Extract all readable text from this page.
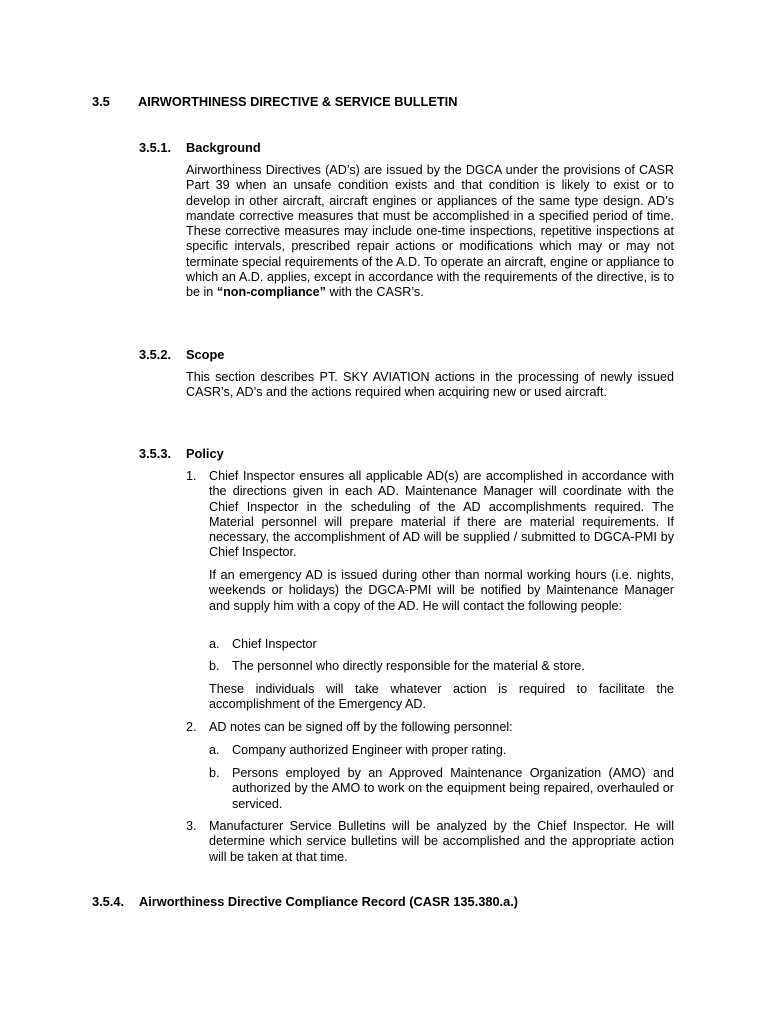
3.5 AIRWORTHINESS DIRECTIVE & SERVICE BULLETIN
3.5.1. Background

Airworthiness Directives (AD’s) are issued by the DGCA under the provisions of CASR Part 39 when an unsafe condition exists and that condition is likely to exist or to develop in other aircraft, aircraft engines or appliances of the same type design. AD’s mandate corrective measures that must be accomplished in a specified period of time. These corrective measures may include one-time inspections, repetitive inspections at specific intervals, prescribed repair actions or modifications which may or may not terminate special requirements of the A.D. To operate an aircraft, engine or appliance to which an A.D. applies, except in accordance with the requirements of the directive, is to be in “non-compliance” with the CASR’s.

3.5.2. Scope

This section describes PT. SKY AVIATION actions in the processing of newly issued CASR’s, AD’s and the actions required when acquiring new or used aircraft.

3.5.3. Policy
1. Chief Inspector ensures all applicable AD(s) are accomplished in accordance with the directions given in each AD. Maintenance Manager will coordinate with the Chief Inspector in the scheduling of the AD accomplishments required. The Material personnel will prepare material if there are material requirements. If necessary, the accomplishment of AD will be supplied / submitted to DGCA-PMI by Chief Inspector.

If an emergency AD is issued during other than normal working hours (i.e. nights, weekends or holidays) the DGCA-PMI will be notified by Maintenance Manager and supply him with a copy of the AD. He will contact the following people:

a. Chief Inspector
b. The personnel who directly responsible for the material & store.

These individuals will take whatever action is required to facilitate the accomplishment of the Emergency AD.

2. AD notes can be signed off by the following personnel:
a. Company authorized Engineer with proper rating.
b. Persons employed by an Approved Maintenance Organization (AMO) and authorized by the AMO to work on the equipment being repaired, overhauled or serviced.
3. Manufacturer Service Bulletins will be analyzed by the Chief Inspector. He will determine which service bulletins will be accomplished and the appropriate action will be taken at that time.
3.5.4. Airworthiness Directive Compliance Record (CASR 135.380.a.)
